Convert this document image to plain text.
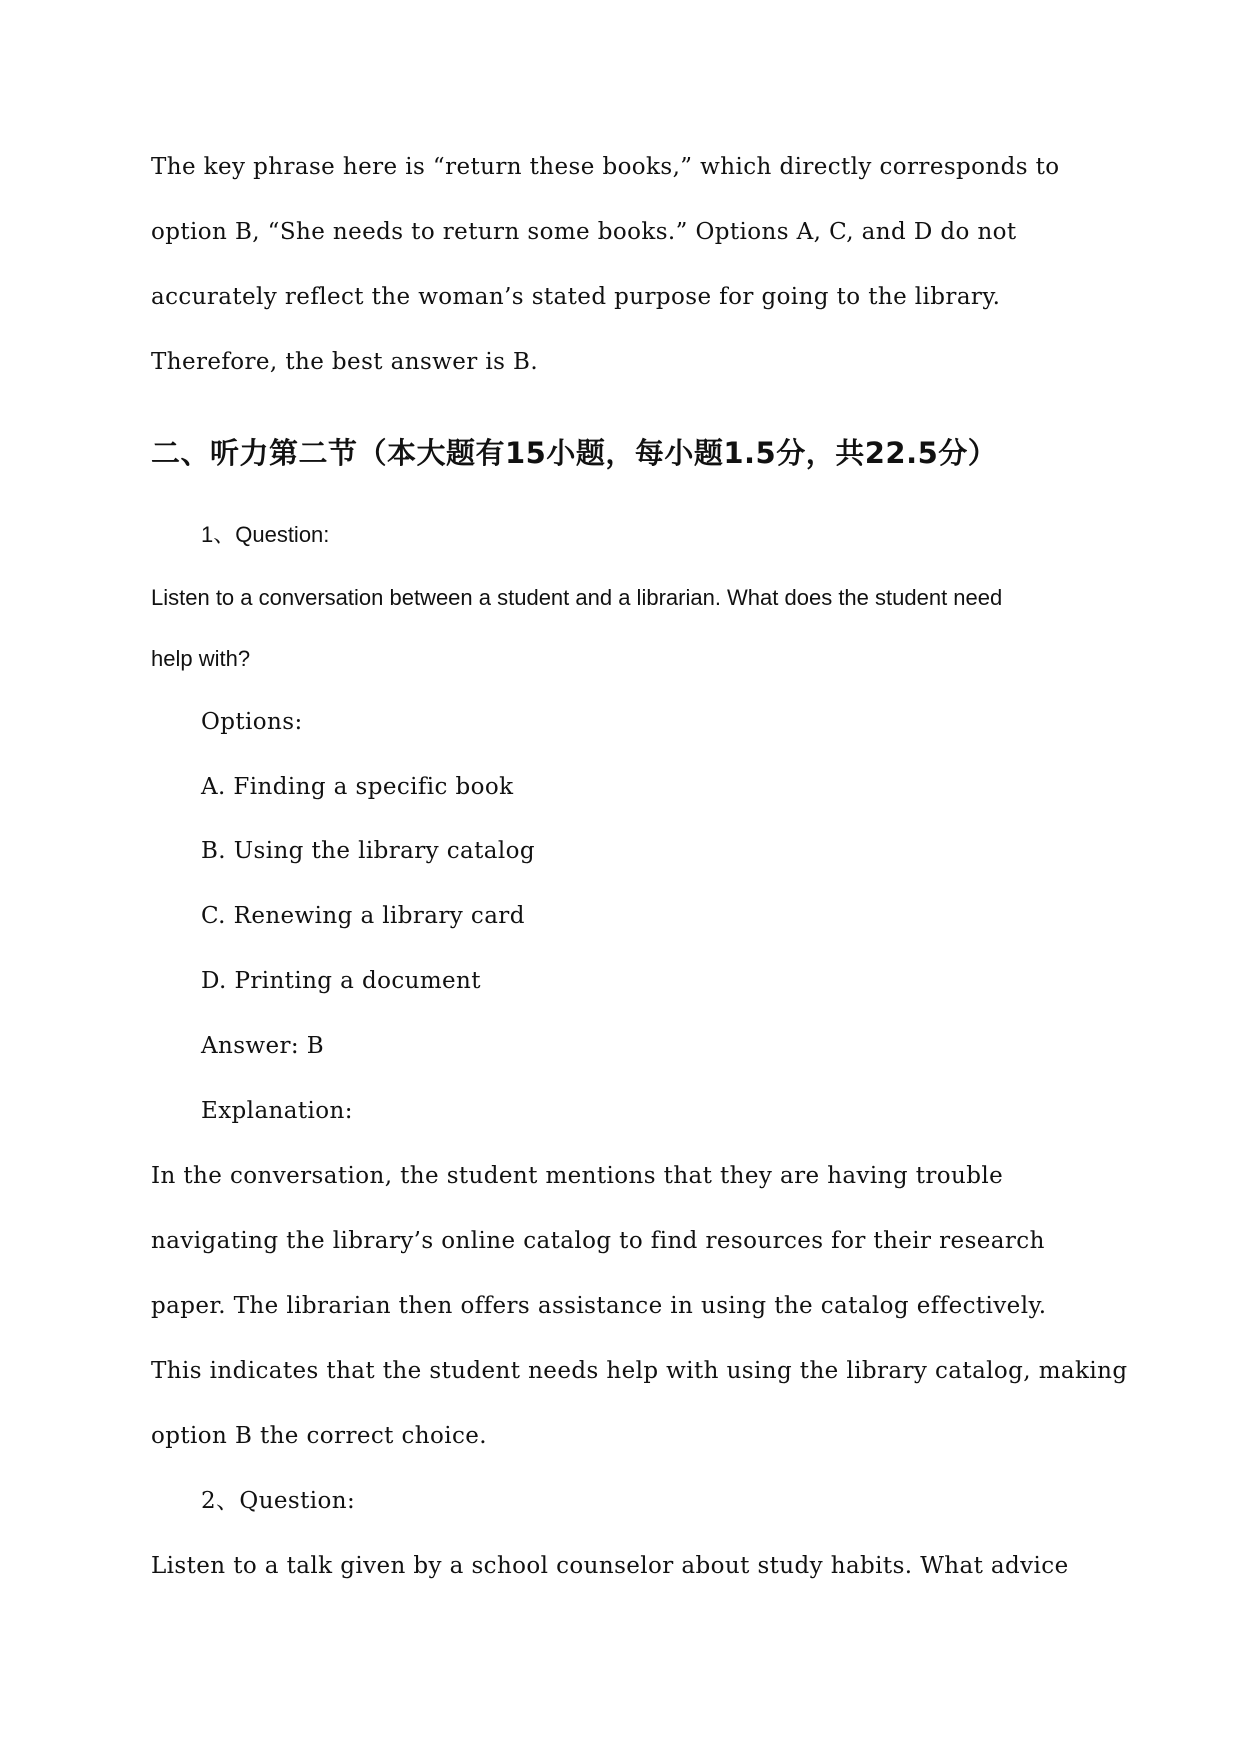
The key phrase here is “return these books,” which directly corresponds to
option B, “She needs to return some books.” Options A, C, and D do not
accurately reflect the woman’s stated purpose for going to the library.
Therefore, the best answer is B.
二、听力第二节（本大题有15小题，每小题1.5分，共22.5分）
1、Question:
Listen to a conversation between a student and a librarian. What does the student need
help with?
Options:
A. Finding a specific book
B. Using the library catalog
C. Renewing a library card
D. Printing a document
Answer: B
Explanation:
In the conversation, the student mentions that they are having trouble
navigating the library’s online catalog to find resources for their research
paper. The librarian then offers assistance in using the catalog effectively.
This indicates that the student needs help with using the library catalog, making
option B the correct choice.
2、Question:
Listen to a talk given by a school counselor about study habits. What advice
